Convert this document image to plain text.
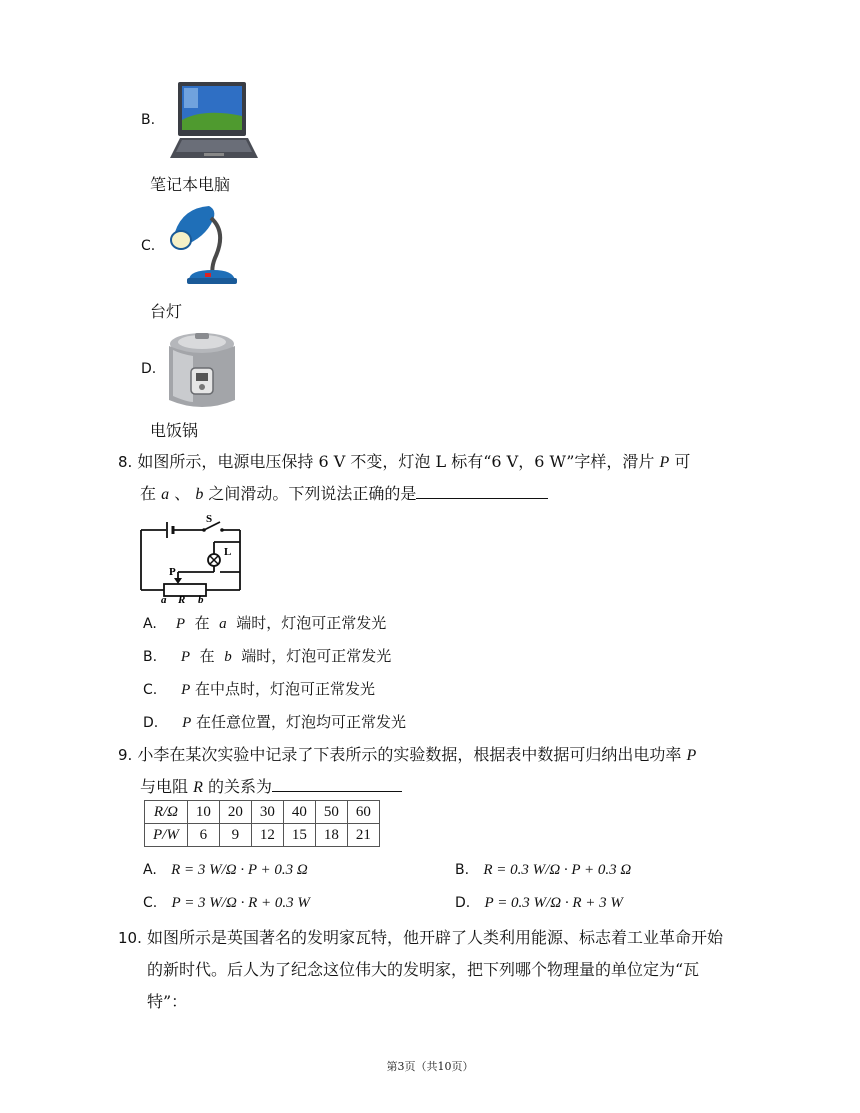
B.
笔记本电脑
C.
台灯
D.
电饭锅
8. 如图所示，电源电压保持 6 V 不变，灯泡 L 标有“6 V，6 W”字样，滑片 P 可
在 a 、 b 之间滑动。下列说法正确的是
S
P
L
a R b
A. P 在 a 端时，灯泡可正常发光
B. P 在 b 端时，灯泡可正常发光
C. P 在中点时，灯泡可正常发光
D. P 在任意位置，灯泡均可正常发光
9. 小李在某次实验中记录了下表所示的实验数据，根据表中数据可归纳出电功率 P
与电阻 R 的关系为
R/Ω	10	20	30	40	50	60
P/W	6	9	12	15	18	21
A. R = 3 W/Ω · P + 0.3 Ω	B. R = 0.3 W/Ω · P + 0.3 Ω
C. P = 3 W/Ω · R + 0.3 W	D. P = 0.3 W/Ω · R + 3 W
10. 如图所示是英国著名的发明家瓦特，他开辟了人类利用能源、标志着工业革命开始
的新时代。后人为了纪念这位伟大的发明家，把下列哪个物理量的单位定为“瓦
特”：
第3页（共10页）
